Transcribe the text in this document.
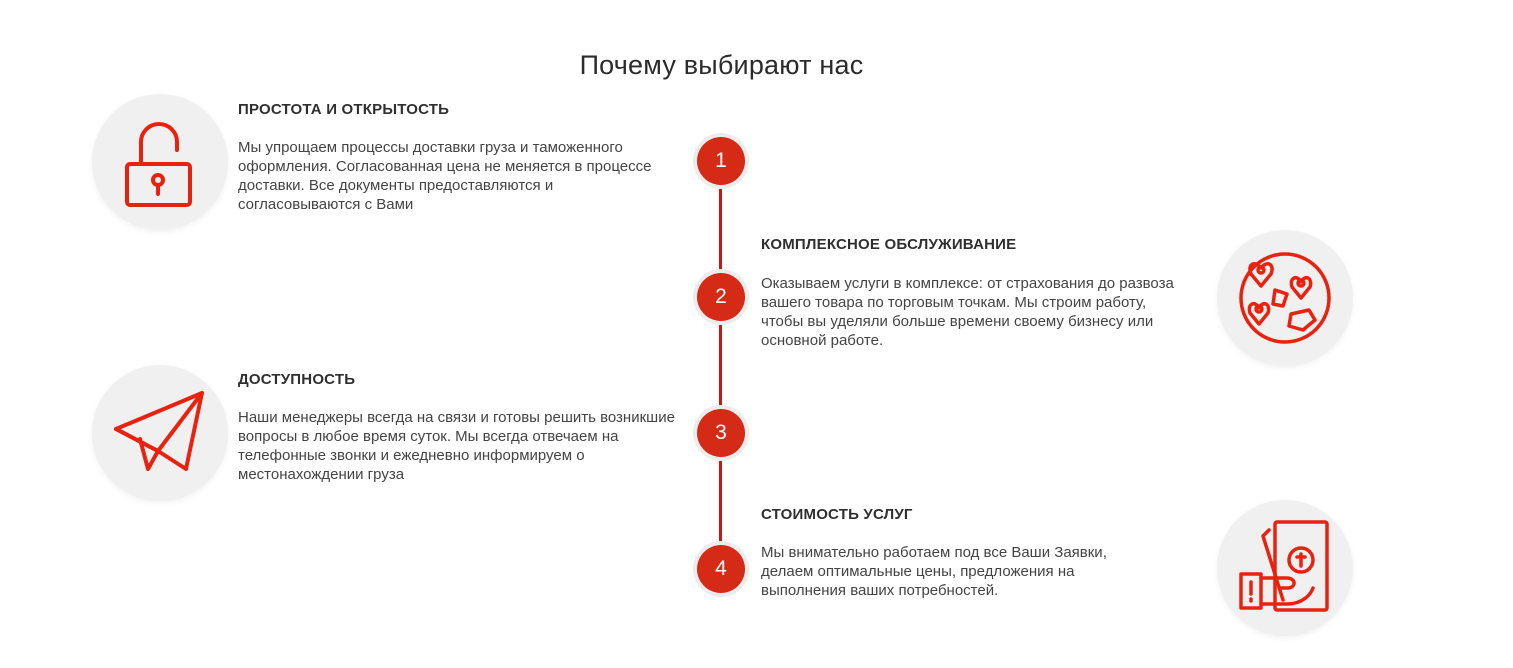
Почему выбирают нас
1
2
3
4
ПРОСТОТА И ОТКРЫТОСТЬ

Мы упрощаем процессы доставки груза и таможенного оформления. Согласованная цена не меняется в процессе доставки. Все документы предоставляются и согласовываются с Вами

КОМПЛЕКСНОЕ ОБСЛУЖИВАНИЕ

Оказываем услуги в комплексе: от страхования до развоза вашего товара по торговым точкам. Мы строим работу, чтобы вы уделяли больше времени своему бизнесу или основной работе.

ДОСТУПНОСТЬ

Наши менеджеры всегда на связи и готовы решить возникшие вопросы в любое время суток. Мы всегда отвечаем на телефонные звонки и ежедневно информируем о местонахождении груза

СТОИМОСТЬ УСЛУГ

Мы внимательно работаем под все Ваши Заявки, делаем оптимальные цены, предложения на выполнения ваших потребностей.
